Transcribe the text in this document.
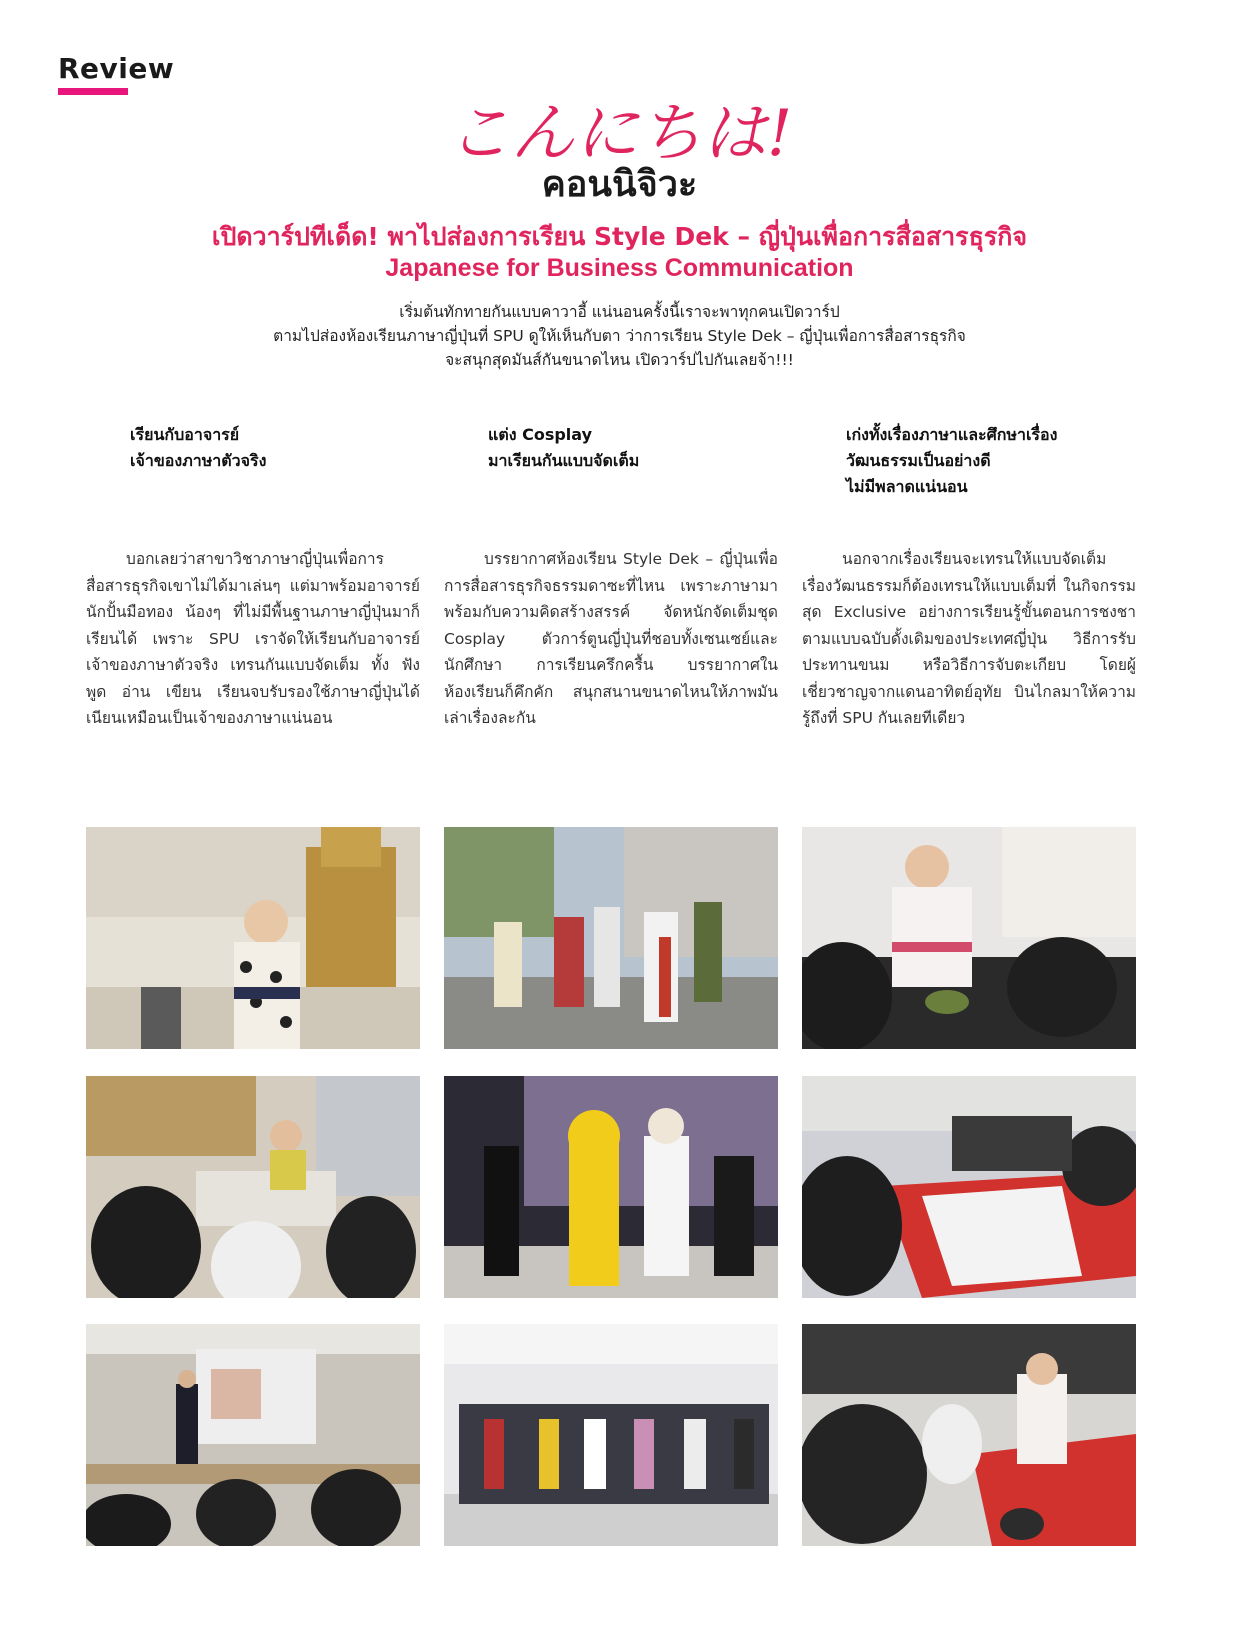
Review
こんにちは!
คอนนิจิวะ
เปิดวาร์ปทีเด็ด! พาไปส่องการเรียน Style Dek – ญี่ปุ่นเพื่อการสื่อสารธุรกิจ
Japanese for Business Communication

เริ่มต้นทักทายกันแบบคาวาอี้ แน่นอนครั้งนี้เราจะพาทุกคนเปิดวาร์ป

ตามไปส่องห้องเรียนภาษาญี่ปุ่นที่ SPU ดูให้เห็นกับตา ว่าการเรียน Style Dek – ญี่ปุ่นเพื่อการสื่อสารธุรกิจ

จะสนุกสุดมันส์กันขนาดไหน เปิดวาร์ปไปกันเลยจ้า!!!

เรียนกับอาจารย์

เจ้าของภาษาตัวจริง

บอกเลยว่าสาขาวิชาภาษาญี่ปุ่นเพื่อการสื่อสารธุรกิจเขาไม่ได้มาเล่นๆ แต่มาพร้อมอาจารย์นักปั้นมือทอง น้องๆ ที่ไม่มีพื้นฐานภาษาญี่ปุ่นมาก็เรียนได้ เพราะ SPU เราจัดให้เรียนกับอาจารย์เจ้าของภาษาตัวจริง เทรนกันแบบจัดเต็ม ทั้ง ฟัง พูด อ่าน เขียน เรียนจบรับรองใช้ภาษาญี่ปุ่นได้เนียนเหมือนเป็นเจ้าของภาษาแน่นอน

แต่ง Cosplay

มาเรียนกันแบบจัดเต็ม

บรรยากาศห้องเรียน Style Dek – ญี่ปุ่นเพื่อการสื่อสารธุรกิจธรรมดาซะที่ไหน เพราะภาษามาพร้อมกับความคิดสร้างสรรค์ จัดหนักจัดเต็มชุด Cosplay ตัวการ์ตูนญี่ปุ่นที่ชอบทั้งเซนเซย์และนักศึกษา การเรียนครึกครื้น บรรยากาศในห้องเรียนก็คึกคัก สนุกสนานขนาดไหนให้ภาพมันเล่าเรื่องละกัน

เก่งทั้งเรื่องภาษาและศึกษาเรื่อง

วัฒนธรรมเป็นอย่างดี

ไม่มีพลาดแน่นอน

นอกจากเรื่องเรียนจะเทรนให้แบบจัดเต็ม เรื่องวัฒนธรรมก็ต้องเทรนให้แบบเต็มที่ ในกิจกรรมสุด Exclusive อย่างการเรียนรู้ขั้นตอนการชงชา ตามแบบฉบับดั้งเดิมของประเทศญี่ปุ่น วิธีการรับประทานขนม หรือวิธีการจับตะเกียบ โดยผู้เชี่ยวชาญจากแดนอาทิตย์อุทัย บินไกลมาให้ความรู้ถึงที่ SPU กันเลยทีเดียว
